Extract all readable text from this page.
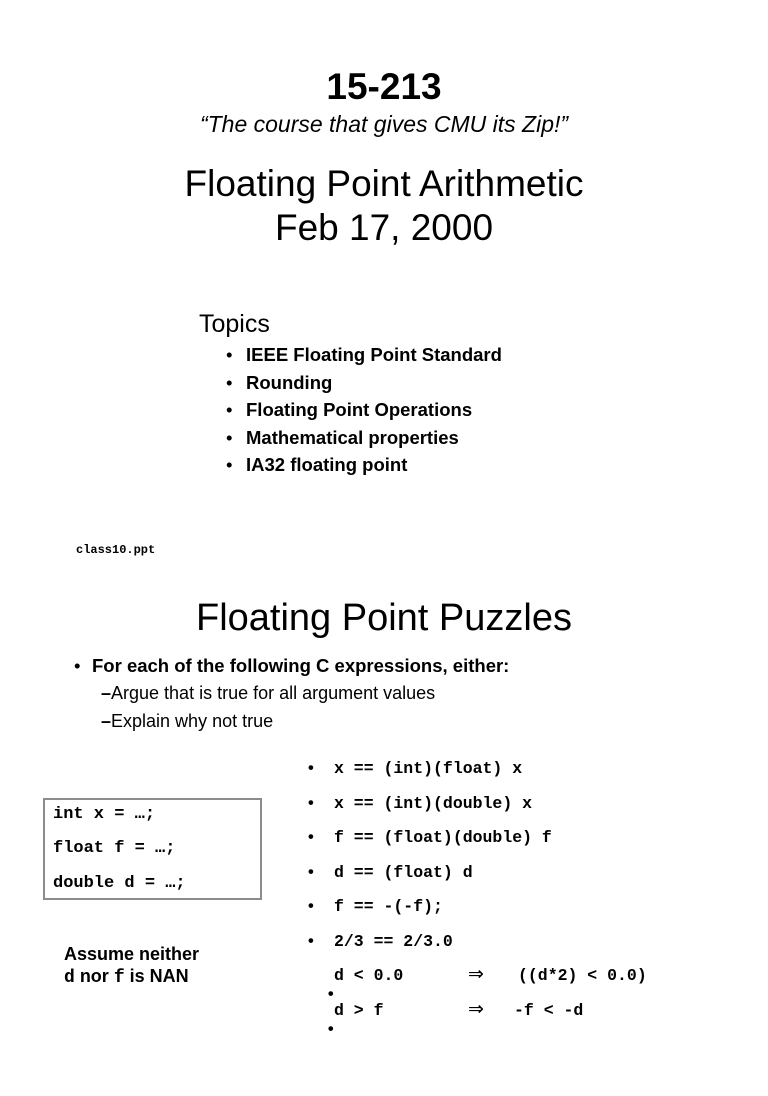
15-213
“The course that gives CMU its Zip!”
Floating Point Arithmetic
Feb 17, 2000
Topics
• IEEE Floating Point Standard
• Rounding
• Floating Point Operations
• Mathematical properties
• IA32 floating point
class10.ppt
Floating Point Puzzles
• For each of the following C expressions, either:
–Argue that is true for all argument values
–Explain why not true
int x = …;
float f = …;
double d = …;
Assume neither
d nor f is NAN
• x == (int)(float) x
• x == (int)(double) x
• f == (float)(double) f
• d == (float) d
• f == -(-f);
• 2/3 == 2/3.0

•

d < 0.0

	⇒

((d*2) < 0.0)

•

d > f

	⇒

-f < -d
